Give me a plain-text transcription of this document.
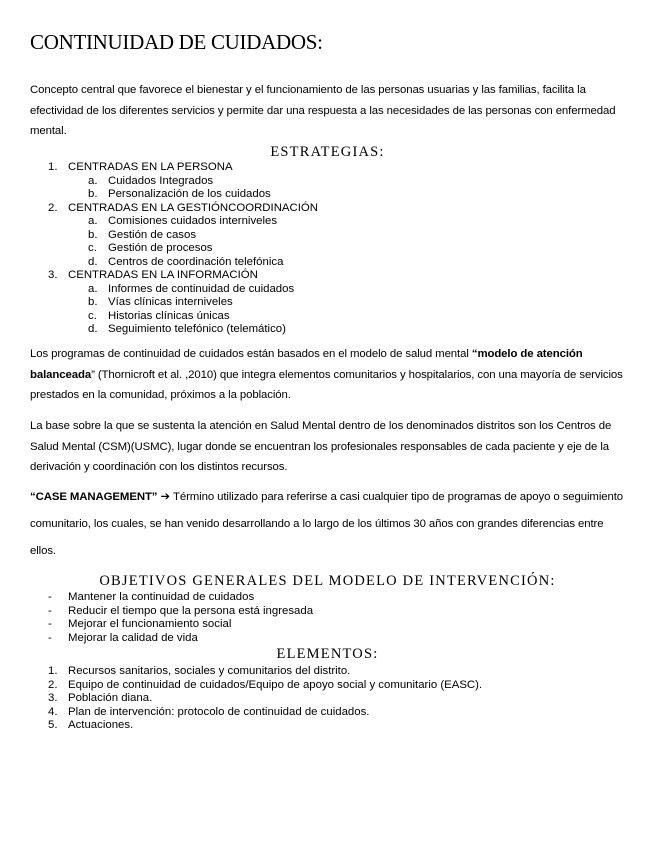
CONTINUIDAD DE CUIDADOS:

Concepto central que favorece el bienestar y el funcionamiento de las personas usuarias y las familias, facilita la efectividad de los diferentes servicios y permite dar una respuesta a las necesidades de las personas con enfermedad mental.

ESTRATEGIAS:
1. CENTRADAS EN LA PERSONA
a. Cuidados Integrados
b. Personalización de los cuidados
2. CENTRADAS EN LA GESTIÓNCOORDINACIÓN
a. Comisiones cuidados interniveles
b. Gestión de casos
c. Gestión de procesos
d. Centros de coordinación telefónica
3. CENTRADAS EN LA INFORMACIÓN
a. Informes de continuidad de cuidados
b. Vías clínicas interniveles
c. Historias clínicas únicas
d. Seguimiento telefónico (telemático)

Los programas de continuidad de cuidados están basados en el modelo de salud mental “modelo de atención balanceada” (Thornicroft et al. ,2010) que integra elementos comunitarios y hospitalarios, con una mayoría de servicios prestados en la comunidad, próximos a la población.

La base sobre la que se sustenta la atención en Salud Mental dentro de los denominados distritos son los Centros de Salud Mental (CSM)(USMC), lugar donde se encuentran los profesionales responsables de cada paciente y eje de la derivación y coordinación con los distintos recursos.

“CASE MANAGEMENT” ➔ Término utilizado para referirse a casi cualquier tipo de programas de apoyo o seguimiento comunitario, los cuales, se han venido desarrollando a lo largo de los últimos 30 años con grandes diferencias entre ellos.

OBJETIVOS GENERALES DEL MODELO DE INTERVENCIÓN:
- Mantener la continuidad de cuidados
- Reducir el tiempo que la persona está ingresada
- Mejorar el funcionamiento social
- Mejorar la calidad de vida
ELEMENTOS:
1. Recursos sanitarios, sociales y comunitarios del distrito.
2. Equipo de continuidad de cuidados/Equipo de apoyo social y comunitario (EASC).
3. Población diana.
4. Plan de intervención: protocolo de continuidad de cuidados.
5. Actuaciones.
